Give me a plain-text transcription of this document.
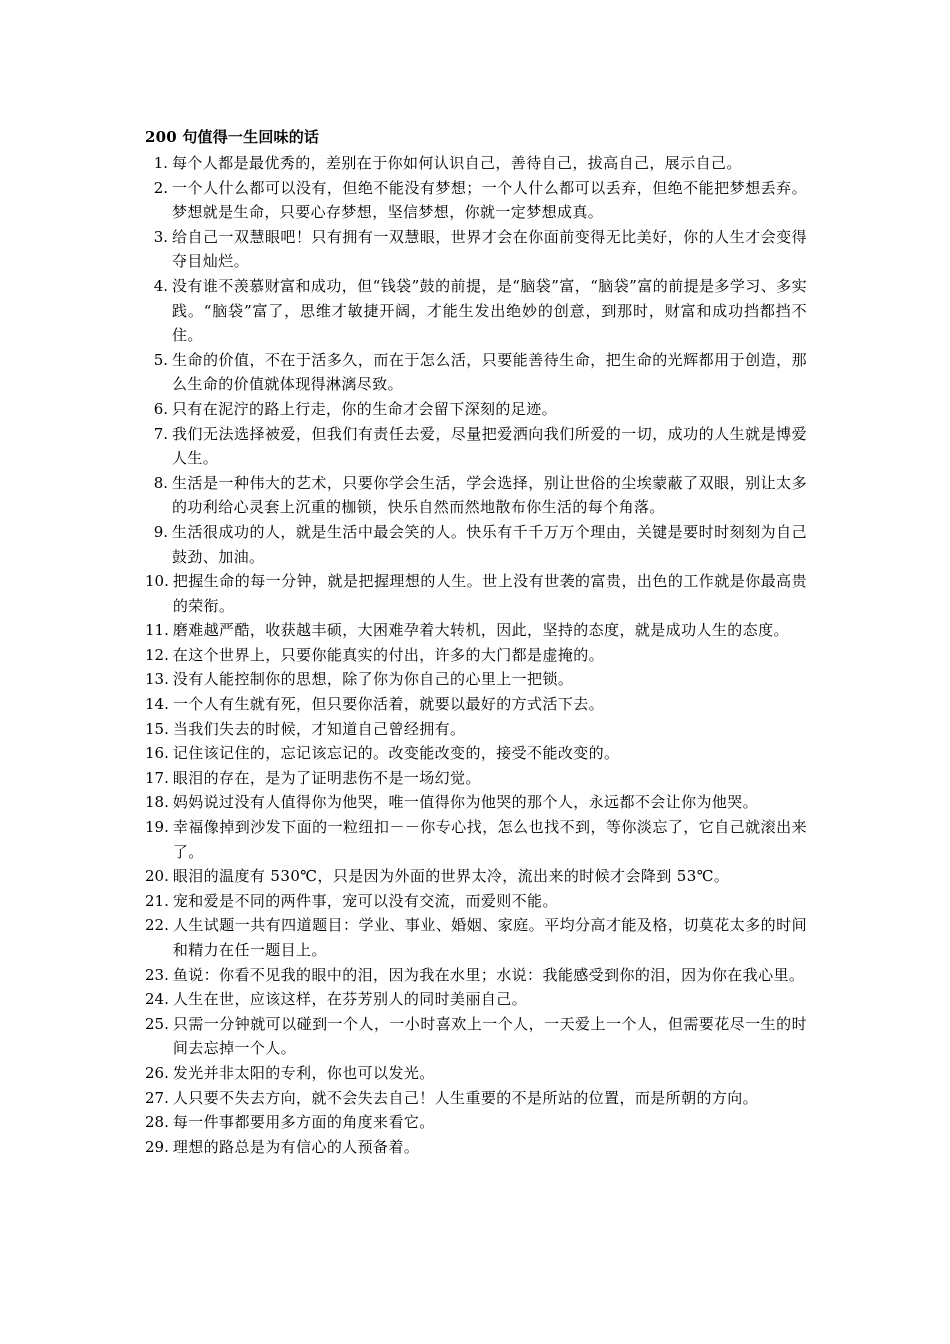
200 句值得一生回味的话
1. 每个人都是最优秀的，差别在于你如何认识自己，善待自己，拔高自己，展示自己。
2. 一个人什么都可以没有，但绝不能没有梦想；一个人什么都可以丢弃，但绝不能把梦想丢弃。梦想就是生命，只要心存梦想，坚信梦想，你就一定梦想成真。
3. 给自己一双慧眼吧！只有拥有一双慧眼，世界才会在你面前变得无比美好，你的人生才会变得夺目灿烂。
4. 没有谁不羡慕财富和成功，但“钱袋”鼓的前提，是“脑袋”富，“脑袋”富的前提是多学习、多实践。“脑袋”富了，思维才敏捷开阔，才能生发出绝妙的创意，到那时，财富和成功挡都挡不住。
5. 生命的价值，不在于活多久，而在于怎么活，只要能善待生命，把生命的光辉都用于创造，那么生命的价值就体现得淋漓尽致。
6. 只有在泥泞的路上行走，你的生命才会留下深刻的足迹。
7. 我们无法选择被爱，但我们有责任去爱，尽量把爱洒向我们所爱的一切，成功的人生就是博爱人生。
8. 生活是一种伟大的艺术，只要你学会生活，学会选择，别让世俗的尘埃蒙蔽了双眼，别让太多的功利给心灵套上沉重的枷锁，快乐自然而然地散布你生活的每个角落。
9. 生活很成功的人，就是生活中最会笑的人。快乐有千千万万个理由，关键是要时时刻刻为自己鼓劲、加油。
10. 把握生命的每一分钟，就是把握理想的人生。世上没有世袭的富贵，出色的工作就是你最高贵的荣衔。
11. 磨难越严酷，收获越丰硕，大困难孕着大转机，因此，坚持的态度，就是成功人生的态度。
12. 在这个世界上，只要你能真实的付出，许多的大门都是虚掩的。
13. 没有人能控制你的思想，除了你为你自己的心里上一把锁。
14. 一个人有生就有死，但只要你活着，就要以最好的方式活下去。
15. 当我们失去的时候，才知道自己曾经拥有。
16. 记住该记住的，忘记该忘记的。改变能改变的，接受不能改变的。
17. 眼泪的存在，是为了证明悲伤不是一场幻觉。
18. 妈妈说过没有人值得你为他哭，唯一值得你为他哭的那个人，永远都不会让你为他哭。
19. 幸福像掉到沙发下面的一粒纽扣－－你专心找，怎么也找不到，等你淡忘了，它自己就滚出来了。
20. 眼泪的温度有 530℃，只是因为外面的世界太冷，流出来的时候才会降到 53℃。
21. 宠和爱是不同的两件事，宠可以没有交流，而爱则不能。
22. 人生试题一共有四道题目：学业、事业、婚姻、家庭。平均分高才能及格，切莫花太多的时间和精力在任一题目上。
23. 鱼说：你看不见我的眼中的泪，因为我在水里；水说：我能感受到你的泪，因为你在我心里。
24. 人生在世，应该这样，在芬芳别人的同时美丽自己。
25. 只需一分钟就可以碰到一个人，一小时喜欢上一个人，一天爱上一个人，但需要花尽一生的时间去忘掉一个人。
26. 发光并非太阳的专利，你也可以发光。
27. 人只要不失去方向，就不会失去自己！人生重要的不是所站的位置，而是所朝的方向。
28. 每一件事都要用多方面的角度来看它。
29. 理想的路总是为有信心的人预备着。
